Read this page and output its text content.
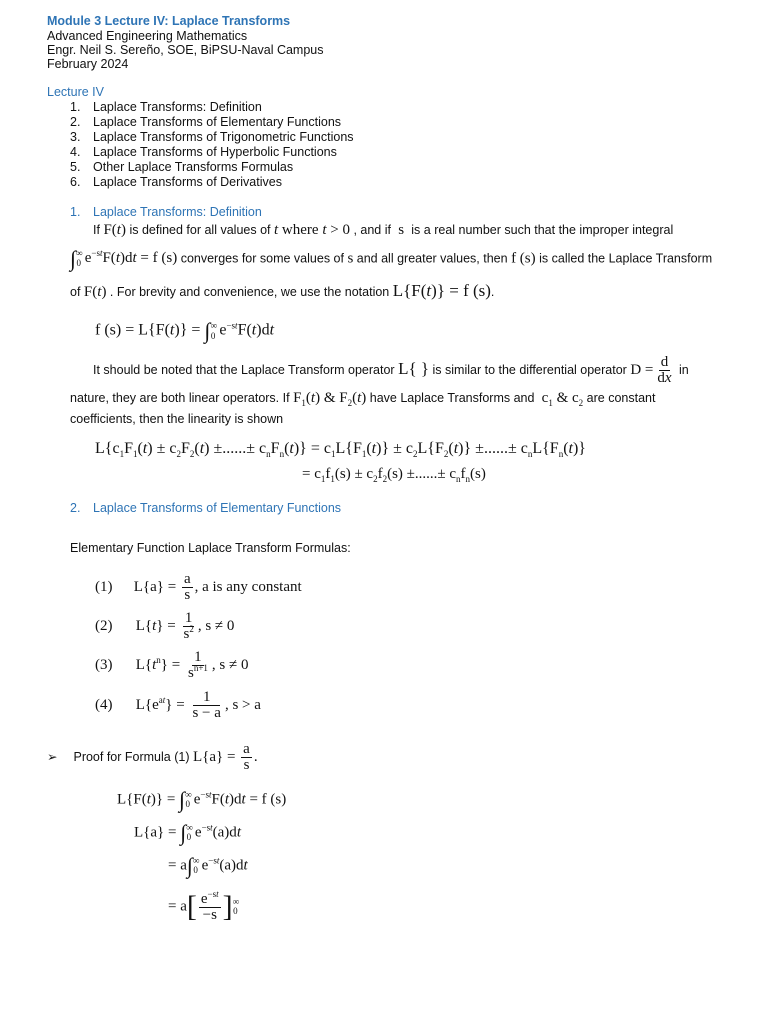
Module 3 Lecture IV: Laplace Transforms
Advanced Engineering Mathematics
Engr. Neil S. Sereño, SOE, BiPSU-Naval Campus
February 2024
Lecture IV
1. Laplace Transforms: Definition
2. Laplace Transforms of Elementary Functions
3. Laplace Transforms of Trigonometric Functions
4. Laplace Transforms of Hyperbolic Functions
5. Other Laplace Transforms Formulas
6. Laplace Transforms of Derivatives
1. Laplace Transforms: Definition
If F(t) is defined for all values of t where t > 0 , and if  s  is a real number such that the improper integral
$\int^\infty_0$ $e^{-st}F(t)dt = f$ (s) converges for some values of s and all greater values, then f (s) is called the Laplace Transform
of F(t) . For brevity and convenience, we use the notation L{F(t)} = f (s).
f $(s) = L\{F(t)\} = \int^\infty_0$ $e^{-st}F(t)dt$
It should be noted that the Laplace Transform operator L{ } is similar to the differential operator $D = \frac{d}{dx}$ in
nature, they are both linear operators. If $F_1(t)$ & $F_2(t)$ have Laplace Transforms and  $c_1$ & $c_2$ are constant
coefficients, then the linearity is shown
$L\{c_1F_1(t) \pm c_2F_2(t)$ ±......± $c_nF_n(t)\} = c_1L\{F_1(t)\} \pm c_2L\{F_2(t)\}$ ±......± $c_nL\{F_n(t)\}$
= $c_1f_1(s) \pm c_2f_2(s)$ ±......± $c_nf_n(s)$
2. Laplace Transforms of Elementary Functions
Elementary Function Laplace Transform Formulas:
(1) $L\{a\} = \frac{a}{s}$ , a is any constant
(2) $L\{t\} = \frac{1}{s^2}$ , s ≠ 0
(3) $L\{t^n\} = \frac{1}{s^{n+1}}$ , s ≠ 0
(4) $L\{e^{at}\} = \frac{1}{s - a}$ , s > a
➢ Proof for Formula (1) $L\{a\} = \frac{a}{s}$ .
$L\{F(t)\} = \int^\infty_0$ $e^{-st}F(t)dt = f$ (s)
$L\{a\} = \int^\infty_0$ $e^{-st}(a)dt$
= $a\int^\infty_0$ $e^{-st}(a)dt$
= $a[ \frac{e^{-st}}{-s} ]^\infty_0$
